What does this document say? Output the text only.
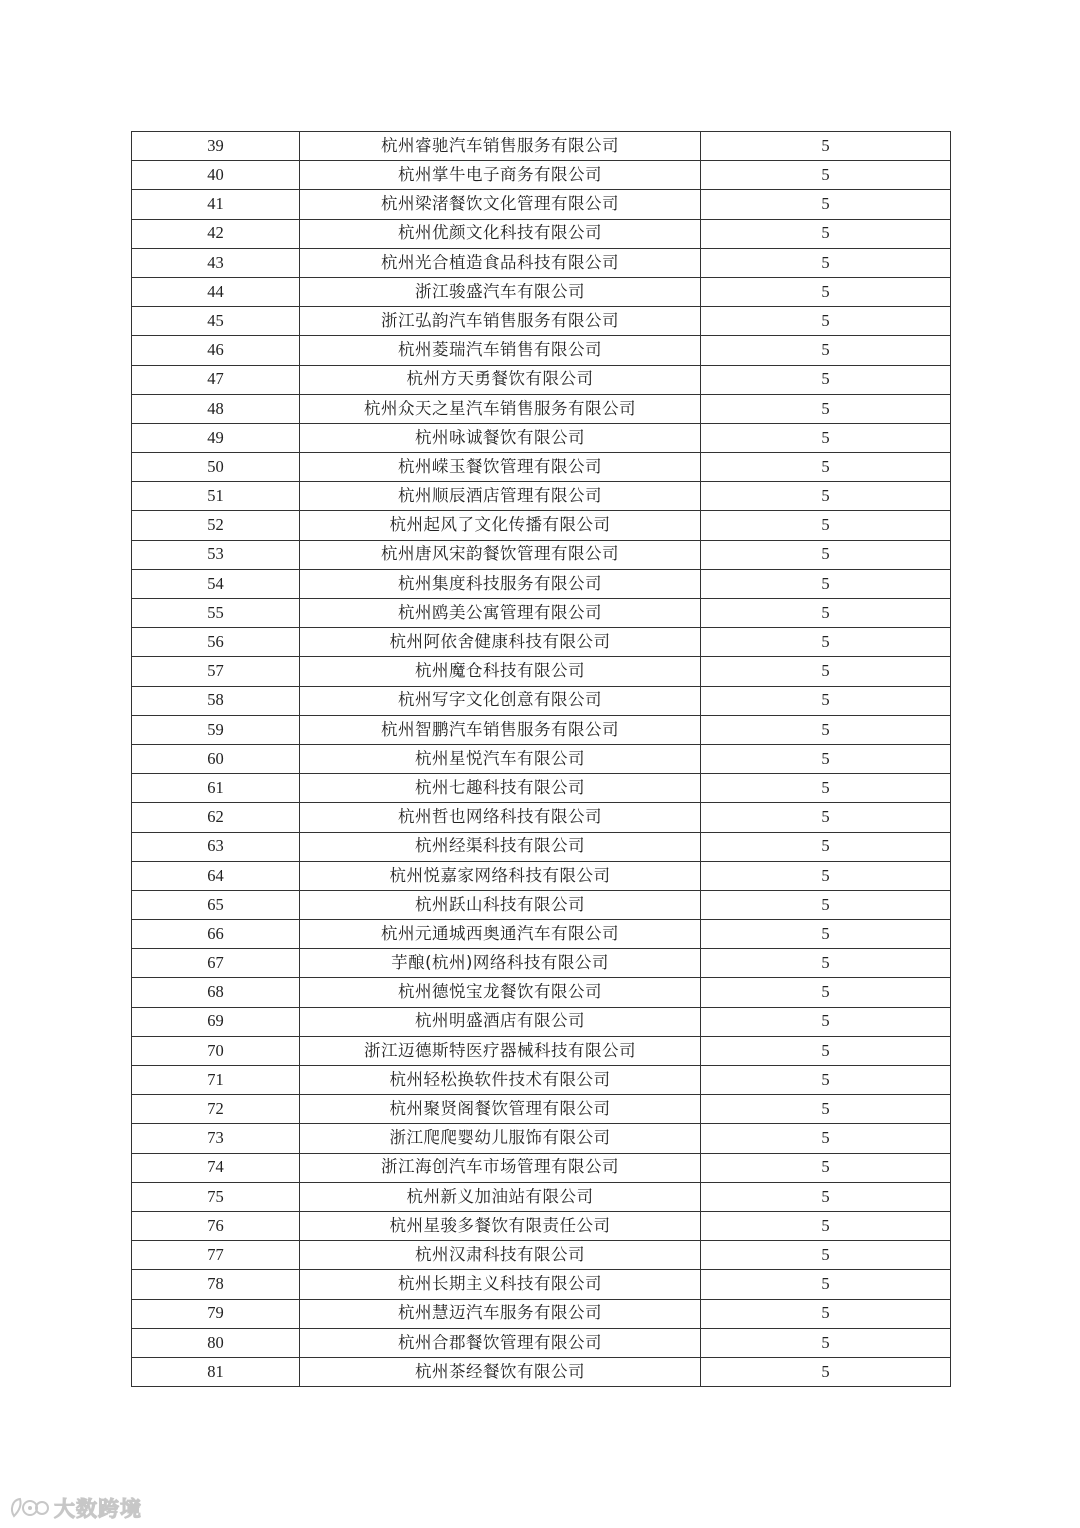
39	杭州睿驰汽车销售服务有限公司	5
40	杭州掌牛电子商务有限公司	5
41	杭州梁渚餐饮文化管理有限公司	5
42	杭州优颜文化科技有限公司	5
43	杭州光合植造食品科技有限公司	5
44	浙江骏盛汽车有限公司	5
45	浙江弘韵汽车销售服务有限公司	5
46	杭州菱瑞汽车销售有限公司	5
47	杭州方天勇餐饮有限公司	5
48	杭州众天之星汽车销售服务有限公司	5
49	杭州咏诚餐饮有限公司	5
50	杭州嵘玉餐饮管理有限公司	5
51	杭州顺辰酒店管理有限公司	5
52	杭州起风了文化传播有限公司	5
53	杭州唐风宋韵餐饮管理有限公司	5
54	杭州集度科技服务有限公司	5
55	杭州鸥美公寓管理有限公司	5
56	杭州阿依舍健康科技有限公司	5
57	杭州魔仓科技有限公司	5
58	杭州写字文化创意有限公司	5
59	杭州智鹏汽车销售服务有限公司	5
60	杭州星悦汽车有限公司	5
61	杭州七趣科技有限公司	5
62	杭州哲也网络科技有限公司	5
63	杭州经渠科技有限公司	5
64	杭州悦嘉家网络科技有限公司	5
65	杭州跃山科技有限公司	5
66	杭州元通城西奥通汽车有限公司	5
67	芋酿(杭州)网络科技有限公司	5
68	杭州德悦宝龙餐饮有限公司	5
69	杭州明盛酒店有限公司	5
70	浙江迈德斯特医疗器械科技有限公司	5
71	杭州轻松换软件技术有限公司	5
72	杭州聚贤阁餐饮管理有限公司	5
73	浙江爬爬婴幼儿服饰有限公司	5
74	浙江海创汽车市场管理有限公司	5
75	杭州新义加油站有限公司	5
76	杭州星骏多餐饮有限责任公司	5
77	杭州汉肃科技有限公司	5
78	杭州长期主义科技有限公司	5
79	杭州慧迈汽车服务有限公司	5
80	杭州合郡餐饮管理有限公司	5
81	杭州茶经餐饮有限公司	5
大数跨境
